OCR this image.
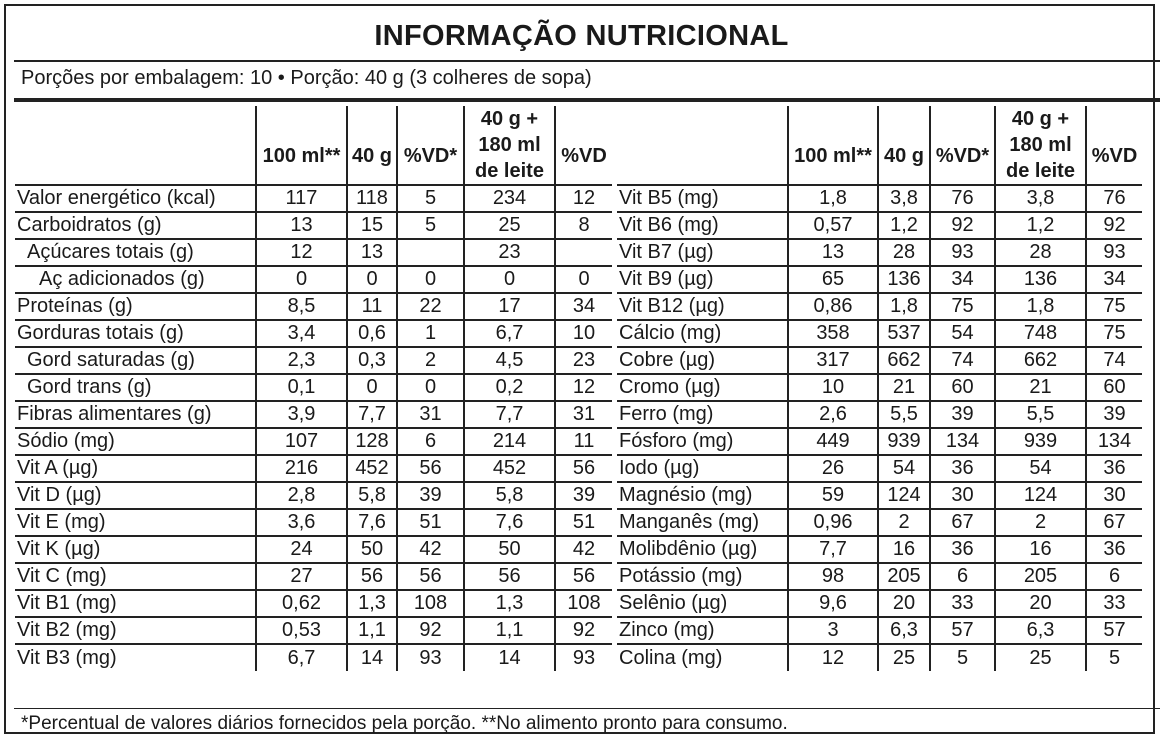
INFORMAÇÃO NUTRICIONAL
Porções por embalagem: 10 • Porção: 40 g (3 colheres de sopa)
*Percentual de valores diários fornecidos pela porção. **No alimento pronto para consumo.
	100 ml**	40 g	%VD*	40 g + 180 ml de leite	%VD
Valor energético (kcal)	117	118	5	234	12
Carboidratos (g)	13	15	5	25	8
Açúcares totais (g)	12	13		23	
Aç adicionados (g)	0	0	0	0	0
Proteínas (g)	8,5	11	22	17	34
Gorduras totais (g)	3,4	0,6	1	6,7	10
Gord saturadas (g)	2,3	0,3	2	4,5	23
Gord trans (g)	0,1	0	0	0,2	12
Fibras alimentares (g)	3,9	7,7	31	7,7	31
Sódio (mg)	107	128	6	214	11
Vit A (µg)	216	452	56	452	56
Vit D (µg)	2,8	5,8	39	5,8	39
Vit E (mg)	3,6	7,6	51	7,6	51
Vit K (µg)	24	50	42	50	42
Vit C (mg)	27	56	56	56	56
Vit B1 (mg)	0,62	1,3	108	1,3	108
Vit B2 (mg)	0,53	1,1	92	1,1	92
Vit B3 (mg)	6,7	14	93	14	93
	100 ml**	40 g	%VD*	40 g + 180 ml de leite	%VD
Vit B5 (mg)	1,8	3,8	76	3,8	76
Vit B6 (mg)	0,57	1,2	92	1,2	92
Vit B7 (µg)	13	28	93	28	93
Vit B9 (µg)	65	136	34	136	34
Vit B12 (µg)	0,86	1,8	75	1,8	75
Cálcio (mg)	358	537	54	748	75
Cobre (µg)	317	662	74	662	74
Cromo (µg)	10	21	60	21	60
Ferro (mg)	2,6	5,5	39	5,5	39
Fósforo (mg)	449	939	134	939	134
Iodo (µg)	26	54	36	54	36
Magnésio (mg)	59	124	30	124	30
Manganês (mg)	0,96	2	67	2	67
Molibdênio (µg)	7,7	16	36	16	36
Potássio (mg)	98	205	6	205	6
Selênio (µg)	9,6	20	33	20	33
Zinco (mg)	3	6,3	57	6,3	57
Colina (mg)	12	25	5	25	5
